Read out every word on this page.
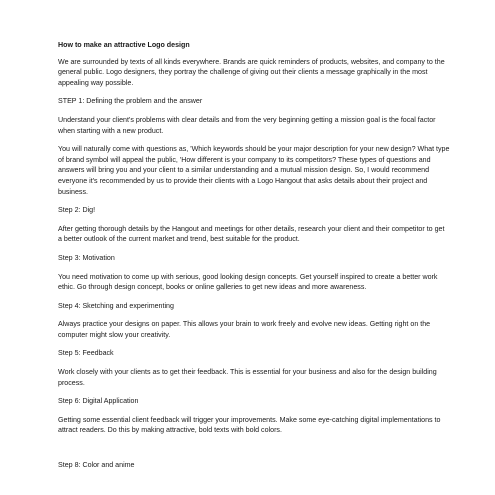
How to make an attractive Logo design

We are surrounded by texts of all kinds everywhere. Brands are quick reminders of products, websites, and company to the general public. Logo designers, they portray the challenge of giving out their clients a message graphically in the most appealing way possible.

STEP 1: Defining the problem and the answer

Understand your client's problems with clear details and from the very beginning getting a mission goal is the focal factor when starting with a new product.

You will naturally come with questions as, 'Which keywords should be your major description for your new design? What type of brand symbol will appeal the public, 'How different is your company to its competitors? These types of questions and answers will bring you and your client to a similar understanding and a mutual mission design. So, I would recommend everyone it's recommended by us to provide their clients with a Logo Hangout that asks details about their project and business.

Step 2: Dig!

After getting thorough details by the Hangout and meetings for other details, research your client and their competitor to get a better outlook of the current market and trend, best suitable for the product.

Step 3: Motivation

You need motivation to come up with serious, good looking design concepts. Get yourself inspired to create a better work ethic. Go through design concept, books or online galleries to get new ideas and more awareness.

Step 4: Sketching and experimenting

Always practice your designs on paper. This allows your brain to work freely and evolve new ideas. Getting right on the computer might slow your creativity.

Step 5: Feedback

Work closely with your clients as to get their feedback. This is essential for your business and also for the design building process.

Step 6: Digital Application

Getting some essential client feedback will trigger your improvements. Make some eye-catching digital implementations to attract readers. Do this by making attractive, bold texts with bold colors.

Step 8: Color and anime
